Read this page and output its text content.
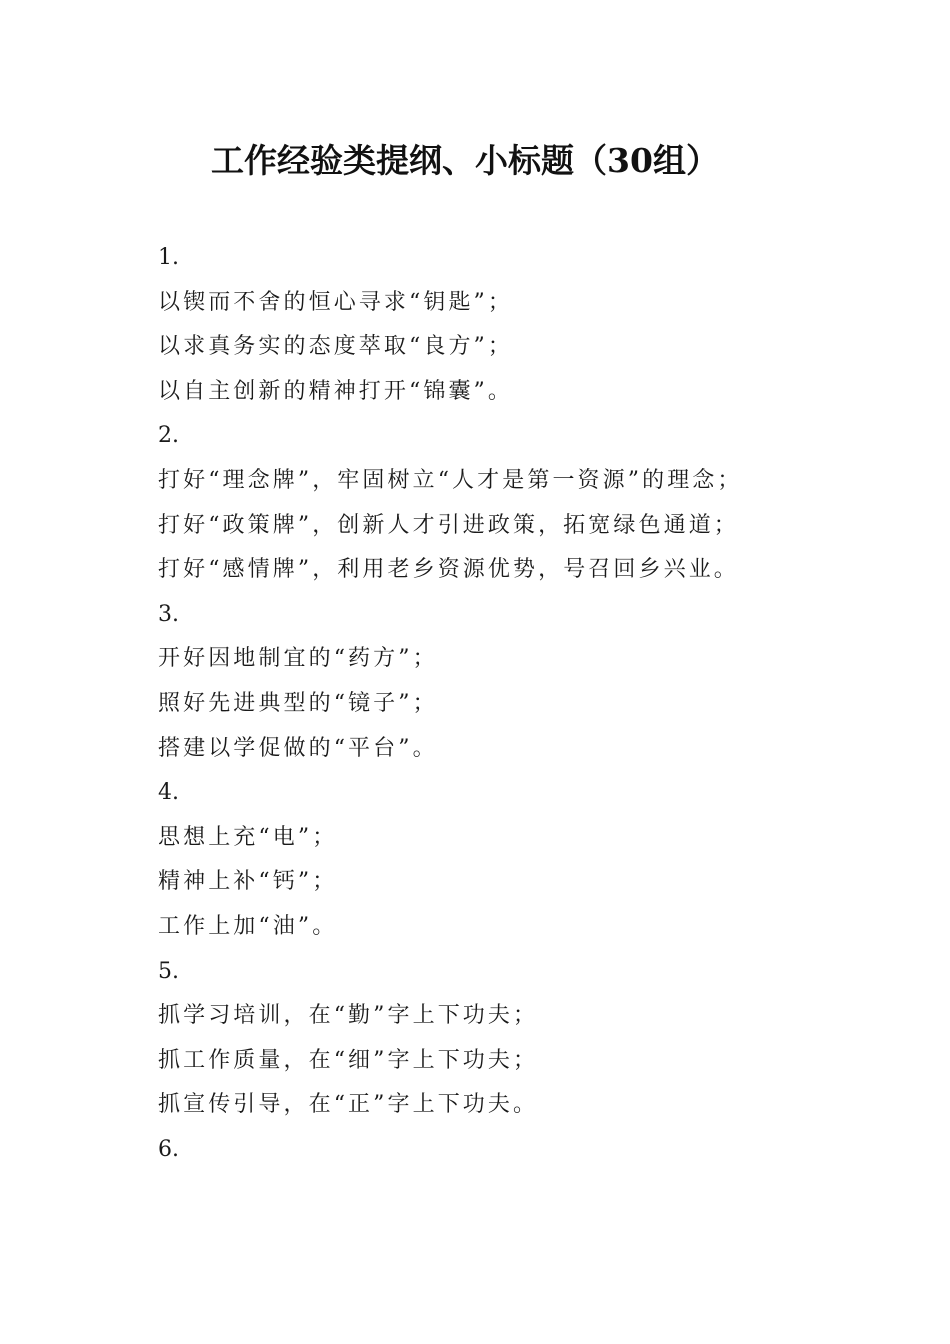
工作经验类提纲、小标题（30组）
1.
以锲而不舍的恒心寻求“钥匙”；
以求真务实的态度萃取“良方”；
以自主创新的精神打开“锦囊”。
2.
打好“理念牌”，牢固树立“人才是第一资源”的理念；
打好“政策牌”，创新人才引进政策，拓宽绿色通道；
打好“感情牌”，利用老乡资源优势，号召回乡兴业。
3.
开好因地制宜的“药方”；
照好先进典型的“镜子”；
搭建以学促做的“平台”。
4.
思想上充“电”；
精神上补“钙”；
工作上加“油”。
5.
抓学习培训，在“勤”字上下功夫；
抓工作质量，在“细”字上下功夫；
抓宣传引导，在“正”字上下功夫。
6.
